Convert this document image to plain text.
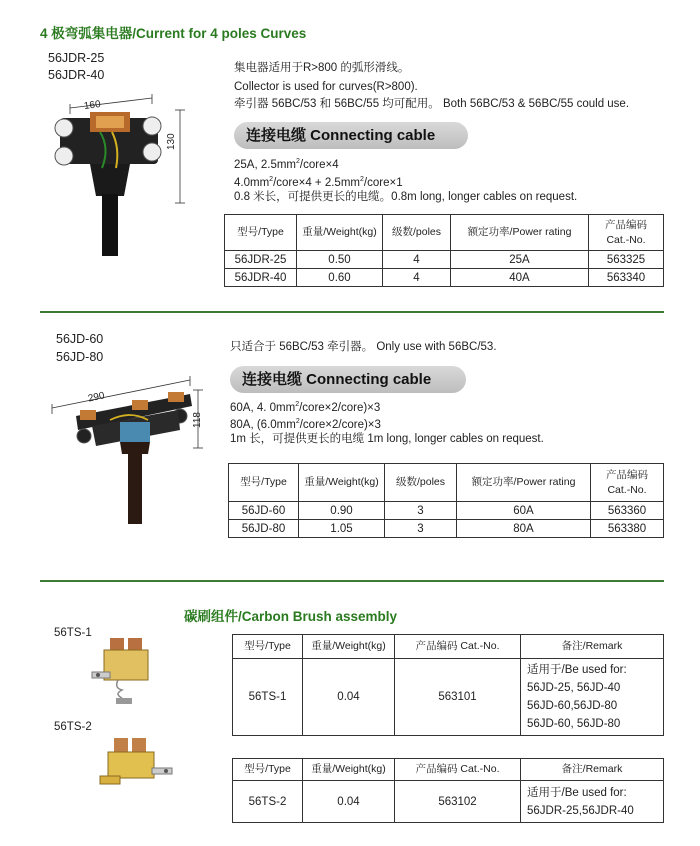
4 极弯弧集电器/Current for 4 poles Curves
56JDR-25
56JDR-40
160
130
集电器适用于R>800 的弧形滑线。
Collector is used for curves(R>800).
牵引器 56BC/53 和 56BC/55 均可配用。 Both 56BC/53 & 56BC/55 could use.
连接电缆 Connecting cable
25A, $2.5mm^2/core\times 4$
$4.0mm^2/core\times 4$ + $2.5mm^2/core\times 1$
0.8 米长，可提供更长的电缆。0.8m long, longer cables on request.
型号/Type	重量/Weight(kg)	级数/poles	额定功率/Power rating	产品编码
Cat.-No.

56JDR-25	0.50	4	25A	563325
56JDR-40	0.60	4	40A	563340
56JD-60
56JD-80
290
118
只适合于 56BC/53 牵引器。 Only use with 56BC/53.
连接电缆 Connecting cable
60A, 4. $0mm^2/core\times 2/core)\times 3$
80A, $(6.0mm^2/core\times 2/core)\times 3$
1m 长，可提供更长的电缆 1m long, longer cables on request.
型号/Type	重量/Weight(kg)	级数/poles	额定功率/Power rating	产品编码
Cat.-No.

56JD-60	0.90	3	60A	563360
56JD-80	1.05	3	80A	563380
碳刷组件/Carbon Brush assembly
56TS-1
56TS-2
型号/Type	重量/Weight(kg)	产品编码 Cat.-No.	备注/Remark
56TS-1	0.04	563101	适用于/Be used for:
56JD-25, 56JD-40
56JD-60,56JD-80
56JD-60, 56JD-80
型号/Type	重量/Weight(kg)	产品编码 Cat.-No.	备注/Remark
56TS-2	0.04	563102	适用于/Be used for:
56JDR-25,56JDR-40
